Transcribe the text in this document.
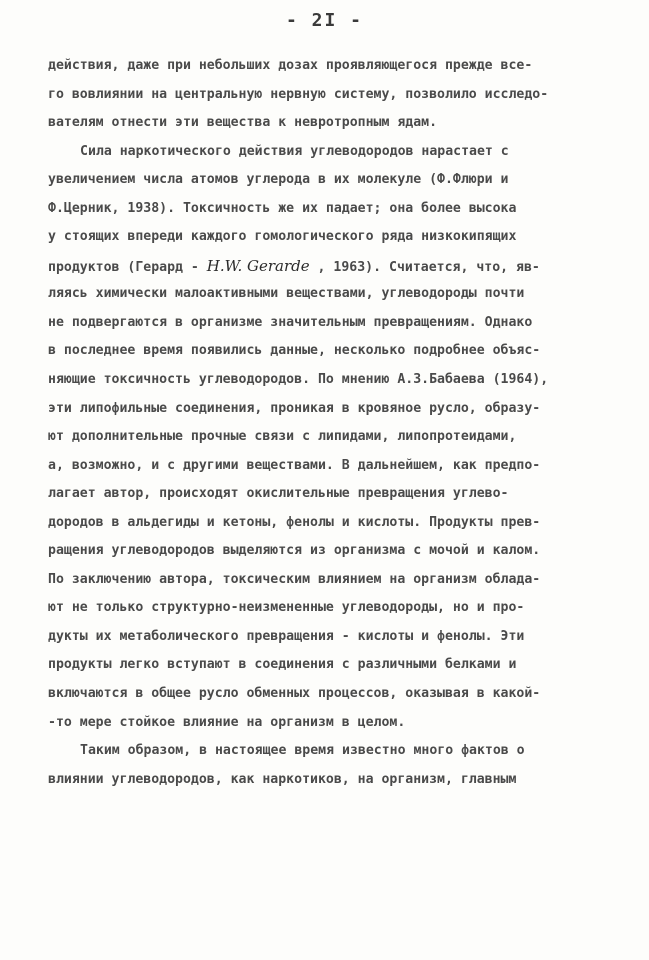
- 2I -
действия, даже при небольших дозах проявляющегося прежде все-
го вовлиянии на центральную нервную систему, позволило исследо-
вателям отнести эти вещества к невротропным ядам.
Сила наркотического действия углеводородов нарастает с
увеличением числа атомов углерода в их молекуле (Ф.Флюри и
Ф.Церник, 1938). Токсичность же их падает; она более высока
у стоящих впереди каждого гомологического ряда низкокипящих
продуктов (Герард - H.W. Gerarde , 1963). Считается, что, яв-
ляясь химически малоактивными веществами, углеводороды почти
не подвергаются в организме значительным превращениям. Однако
в последнее время появились данные, несколько подробнее объяс-
няющие токсичность углеводородов. По мнению А.З.Бабаева (1964),
эти липофильные соединения, проникая в кровяное русло, образу-
ют дополнительные прочные связи с липидами, липопротеидами,
а, возможно, и с другими веществами. В дальнейшем, как предпо-
лагает автор, происходят окислительные превращения углево-
дородов в альдегиды и кетоны, фенолы и кислоты. Продукты прев-
ращения углеводородов выделяются из организма с мочой и калом.
По заключению автора, токсическим влиянием на организм облада-
ют не только структурно-неизмененные углеводороды, но и про-
дукты их метаболического превращения - кислоты и фенолы. Эти
продукты легко вступают в соединения с различными белками и
включаются в общее русло обменных процессов, оказывая в какой-
-то мере стойкое влияние на организм в целом.
Таким образом, в настоящее время известно много фактов о
влиянии углеводородов, как наркотиков, на организм, главным
